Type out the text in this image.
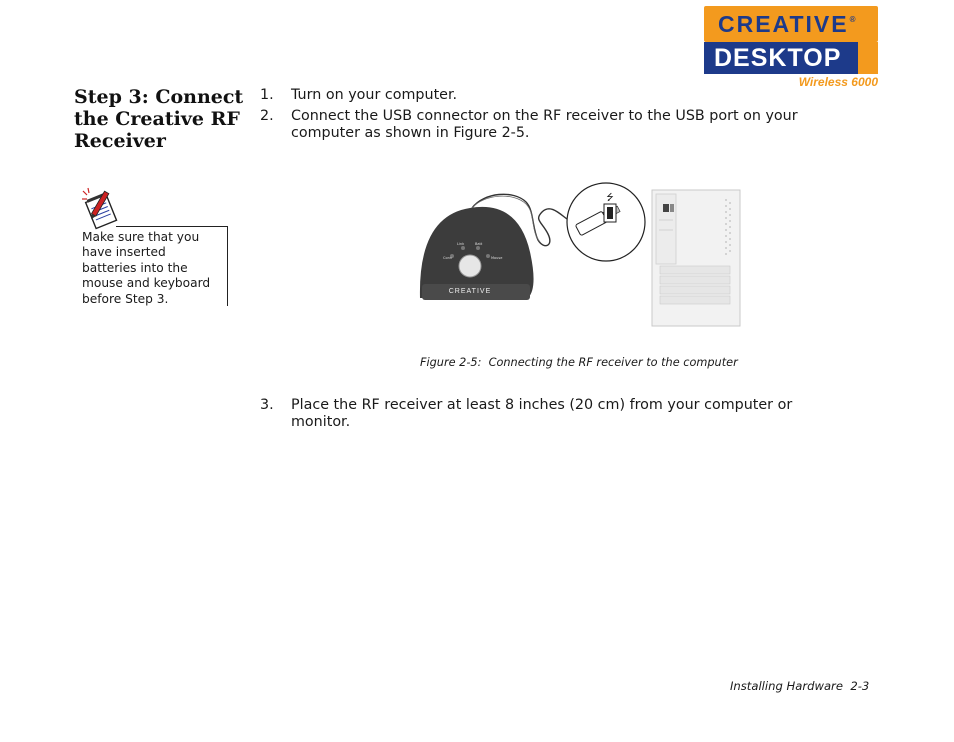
CREATIVE®
DESKTOP
Wireless 6000
Step 3: Connect the Creative RF Receiver

Make sure that you have inserted batteries into the mouse and keyboard before Step 3.

1. Turn on your computer.
2. Connect the USB connector on the RF receiver to the USB port on your computer as shown in Figure 2-5.
Conn	Mouse
Batt
Link
CREATIVE
⭍
Figure 2-5:  Connecting the RF receiver to the computer
3. Place the RF receiver at least 8 inches (20 cm) from your computer or monitor.
Installing Hardware  2-3
